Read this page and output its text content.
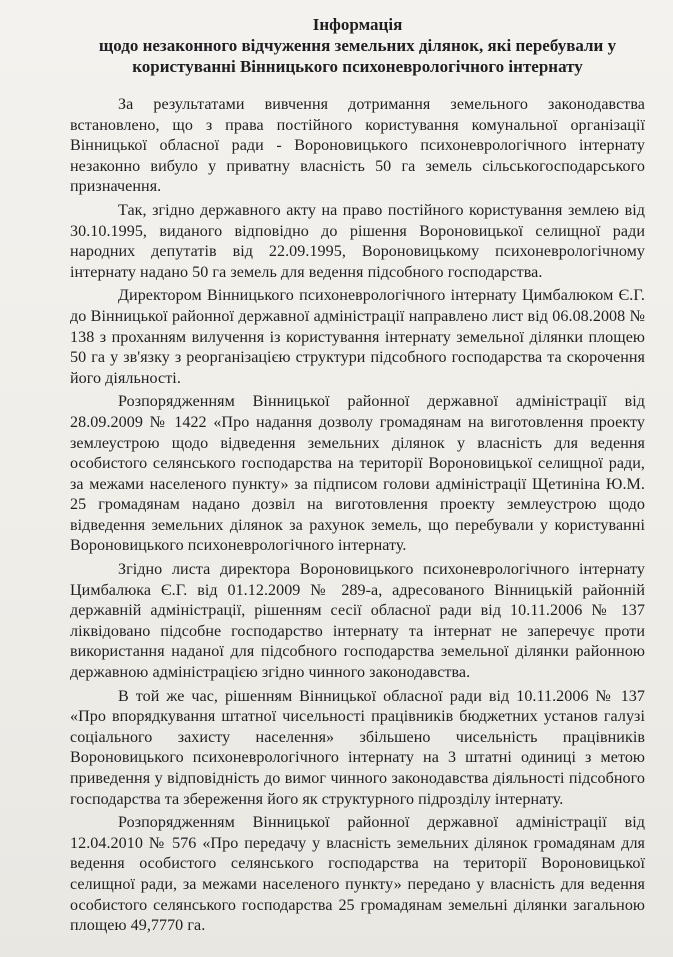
Інформація
щодо незаконного відчуження земельних ділянок, які перебували у
користуванні Вінницького психоневрологічного інтернату

За результатами вивчення дотримання земельного законодавства встановлено, що з права постійного користування комунальної організації Вінницької обласної ради - Вороновицького психоневрологічного інтернату незаконно вибуло у приватну власність 50 га земель сільськогосподарського призначення.

Так, згідно державного акту на право постійного користування землею від 30.10.1995, виданого відповідно до рішення Вороновицької селищної ради народних депутатів від 22.09.1995, Вороновицькому психоневрологічному інтернату надано 50 га земель для ведення підсобного господарства.

Директором Вінницького психоневрологічного інтернату Цимбалюком Є.Г. до Вінницької районної державної адміністрації направлено лист від 06.08.2008 № 138 з проханням вилучення із користування інтернату земельної ділянки площею 50 га у зв'язку з реорганізацією структури підсобного господарства та скорочення його діяльності.

Розпорядженням Вінницької районної державної адміністрації від 28.09.2009 № 1422 «Про надання дозволу громадянам на виготовлення проекту землеустрою щодо відведення земельних ділянок у власність для ведення особистого селянського господарства на території Вороновицької селищної ради, за межами населеного пункту» за підписом голови адміністрації Щетиніна Ю.М. 25 громадянам надано дозвіл на виготовлення проекту землеустрою щодо відведення земельних ділянок за рахунок земель, що перебували у користуванні Вороновицького психоневрологічного інтернату.

Згідно листа директора Вороновицького психоневрологічного інтернату Цимбалюка Є.Г. від 01.12.2009 № 289-а, адресованого Вінницькій районній державній адміністрації, рішенням сесії обласної ради від 10.11.2006 № 137 ліквідовано підсобне господарство інтернату та інтернат не заперечує проти використання наданої для підсобного господарства земельної ділянки районною державною адміністрацією згідно чинного законодавства.

В той же час, рішенням Вінницької обласної ради від 10.11.2006 № 137 «Про впорядкування штатної чисельності працівників бюджетних установ галузі соціального захисту населення» збільшено чисельність працівників Вороновицького психоневрологічного інтернату на 3 штатні одиниці з метою приведення у відповідність до вимог чинного законодавства діяльності підсобного господарства та збереження його як структурного підрозділу інтернату.

Розпорядженням Вінницької районної державної адміністрації від 12.04.2010 № 576 «Про передачу у власність земельних ділянок громадянам для ведення особистого селянського господарства на території Вороновицької селищної ради, за межами населеного пункту» передано у власність для ведення особистого селянського господарства 25 громадянам земельні ділянки загальною площею 49,7770 га.
